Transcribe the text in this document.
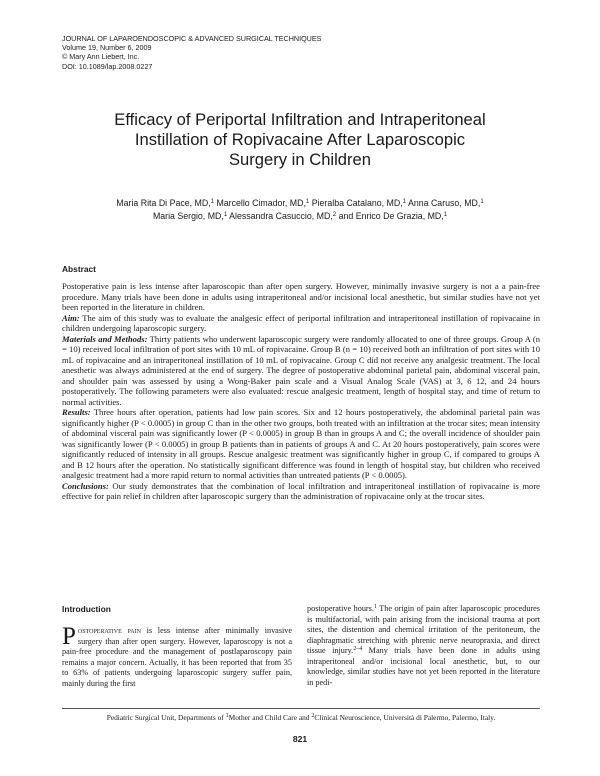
JOURNAL OF LAPAROENDOSCOPIC & ADVANCED SURGICAL TECHNIQUES
Volume 19, Number 6, 2009
© Mary Ann Liebert, Inc.
DOI: 10.1089/lap.2008.0227
Efficacy of Periportal Infiltration and Intraperitoneal
Instillation of Ropivacaine After Laparoscopic
Surgery in Children
Maria Rita Di Pace, MD,$^1$ Marcello Cimador, MD,$^1$ Pieralba Catalano, MD,$^1$ Anna Caruso, MD,$^1$
Maria Sergio, MD,$^1$ Alessandra Casuccio, MD,$^2$ and Enrico De Grazia, MD,$^1$
Abstract

Postoperative pain is less intense after laparoscopic than after open surgery. However, minimally invasive surgery is not a a pain-free procedure. Many trials have been done in adults using intraperitoneal and/or incisional local anesthetic, but similar studies have not yet been reported in the literature in children.

Aim: The aim of this study was to evaluate the analgesic effect of periportal infiltration and intraperitoneal instillation of ropivacaine in children undergoing laparoscopic surgery.

Materials and Methods: Thirty patients who underwent laparoscopic surgery were randomly allocated to one of three groups. Group A (n = 10) received local infiltration of port sites with 10 mL of ropivacaine. Group B (n = 10) received both an infiltration of port sites with 10 mL of ropivacaine and an intraperitoneal instillation of 10 mL of ropivacaine. Group C did not receive any analgesic treatment. The local anesthetic was always administered at the end of surgery. The degree of postoperative abdominal parietal pain, abdominal visceral pain, and shoulder pain was assessed by using a Wong-Baker pain scale and a Visual Analog Scale (VAS) at 3, 6 12, and 24 hours postoperatively. The following parameters were also evaluated: rescue analgesic treatment, length of hospital stay, and time of return to normal activities.

Results: Three hours after operation, patients had low pain scores. Six and 12 hours postoperatively, the abdominal parietal pain was significantly higher (P < 0.0005) in group C than in the other two groups, both treated with an infiltration at the trocar sites; mean intensity of abdominal visceral pain was significantly lower (P < 0.0005) in group B than in groups A and C; the overall incidence of shoulder pain was significantly lower (P < 0.0005) in group B patients than in patients of groups A and C. At 20 hours postoperatively, pain scores were significantly reduced of intensity in all groups. Rescue analgesic treatment was significantly higher in group C, if compared to groups A and B 12 hours after the operation. No statistically significant difference was found in length of hospital stay, but children who received analgesic treatment had a more rapid return to normal activities than untreated patients (P < 0.0005).

Conclusions: Our study demonstrates that the combination of local infiltration and intraperitoneal instillation of ropivacaine is more effective for pain relief in children after laparoscopic surgery than the administration of ropivacaine only at the trocar sites.

Introduction
Postoperative pain is less intense after minimally invasive surgery than after open surgery. However, laparoscopy is not a pain-free procedure and the management of postlaparoscopy pain remains a major concern. Actually, it has been reported that from 35 to 63% of patients undergoing laparoscopic surgery suffer pain, mainly during the first
postoperative hours.$^1$ The origin of pain after laparoscopic procedures is multifactorial, with pain arising from the incisional trauma at port sites, the distention and chemical irritation of the peritoneum, the diaphragmatic stretching with phrenic nerve neuropraxia, and direct tissue injury.$^{2-4}$ Many trials have been done in adults using intraperitoneal and/or incisional local anesthetic, but, to our knowledge, similar studies have not yet been reported in the literature in pedi-
Pediatric Surgical Unit, Departments of $^1$Mother and Child Care and $^2$Clinical Neuroscience, Università di Palermo, Palermo, Italy.
821
